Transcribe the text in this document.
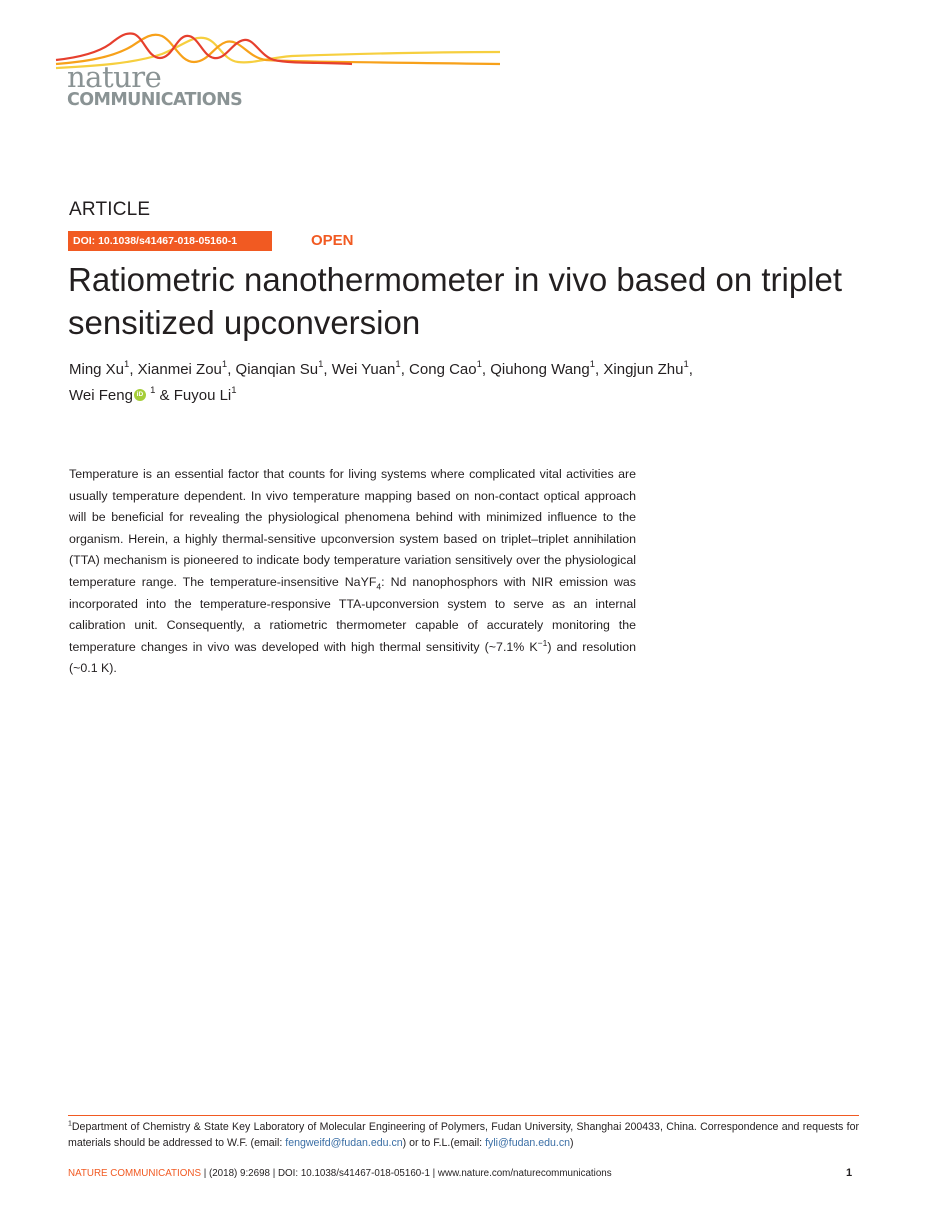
nature
COMMUNICATIONS
ARTICLE
DOI: 10.1038/s41467-018-05160-1	OPEN
Ratiometric nanothermometer in vivo based on triplet sensitized upconversion
Ming Xu$^1$, Xianmei Zou$^1$, Qianqian Su$^1$, Wei Yuan$^1$, Cong Cao$^1$, Qiuhong Wang$^1$, Xingjun Zhu$^1$,
Wei FengiD $^1$ & Fuyou Li$^1$

Temperature is an essential factor that counts for living systems where complicated vital activities are usually temperature dependent. In vivo temperature mapping based on non-contact optical approach will be beneficial for revealing the physiological phenomena behind with minimized influence to the organism. Herein, a highly thermal-sensitive upconversion system based on triplet–triplet annihilation (TTA) mechanism is pioneered to indicate body temperature variation sensitively over the physiological temperature range. The temperature-insensitive NaYF$_4$: Nd nanophosphors with NIR emission was incorporated into the temperature-responsive TTA-upconversion system to serve as an internal calibration unit. Consequently, a ratiometric thermometer capable of accurately monitoring the temperature changes in vivo was developed with high thermal sensitivity (~7.1% $K^{-1}$) and resolution (~0.1 K).

$^1$Department of Chemistry & State Key Laboratory of Molecular Engineering of Polymers, Fudan University, Shanghai 200433, China. Correspondence and requests for materials should be addressed to W.F. (email: fengweifd@fudan.edu.cn) or to F.L.(email: fyli@fudan.edu.cn)

NATURE COMMUNICATIONS | (2018) 9:2698 | DOI: 10.1038/s41467-018-05160-1 | www.nature.com/naturecommunications	1
